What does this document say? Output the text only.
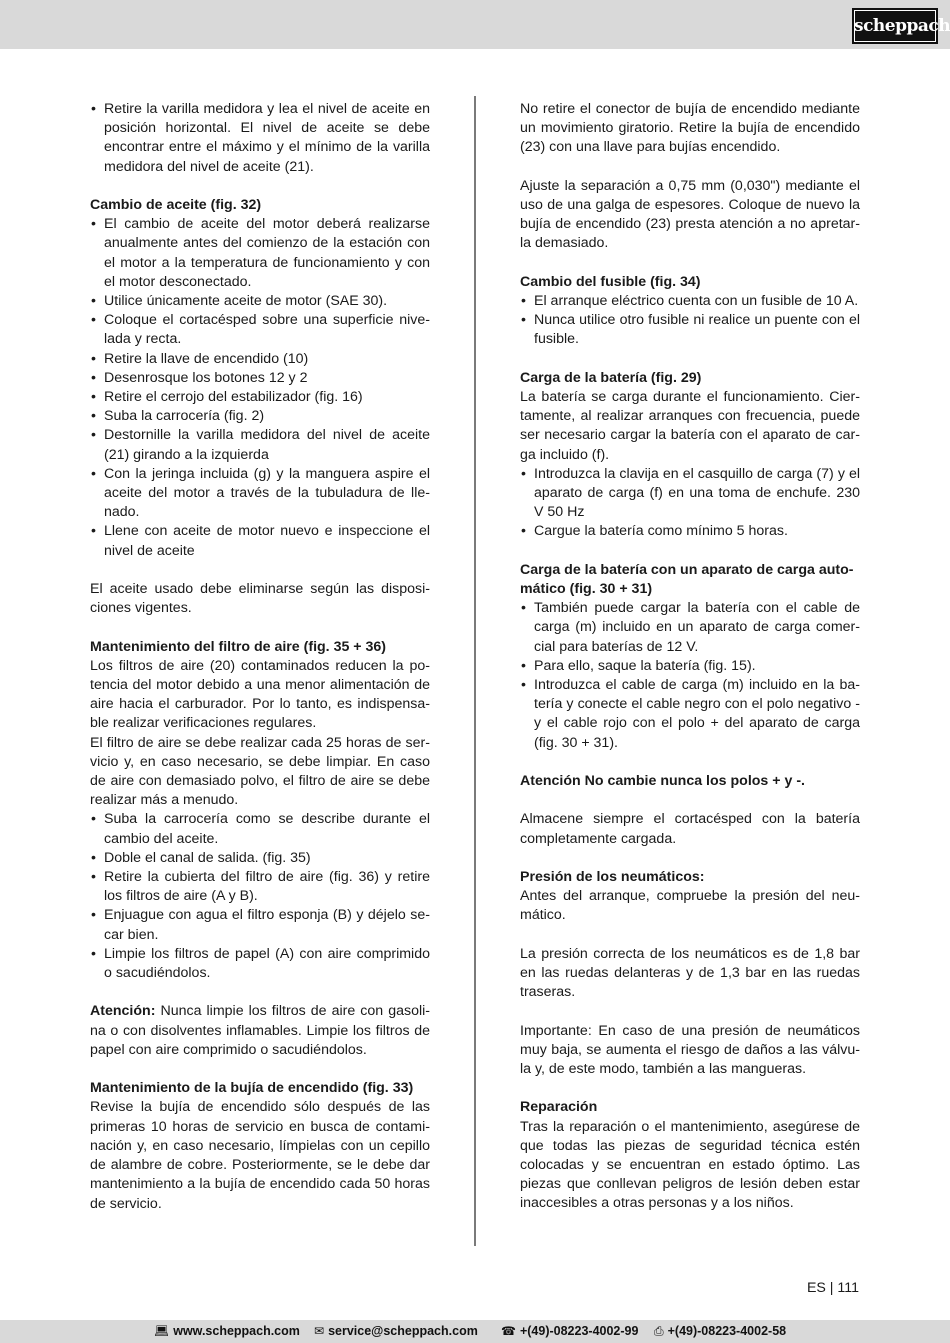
scheppach
• Retire la varilla medidora y lea el nivel de aceite en posición horizontal. El nivel de aceite se debe encontrar entre el máximo y el mínimo de la varilla medidora del nivel de aceite (21).
Cambio de aceite (fig. 32)
• El cambio de aceite del motor deberá realizarse anualmente antes del comienzo de la estación con el motor a la temperatura de funcionamiento y con el motor desconectado.
• Utilice únicamente aceite de motor (SAE 30).
• Coloque el cortacésped sobre una superficie nivelada y recta.
• Retire la llave de encendido (10)
• Desenrosque los botones 12 y 2
• Retire el cerrojo del estabilizador (fig. 16)
• Suba la carrocería (fig. 2)
• Destornille la varilla medidora del nivel de aceite (21) girando a la izquierda
• Con la jeringa incluida (g) y la manguera aspire el aceite del motor a través de la tubuladura de llenado.
• Llene con aceite de motor nuevo e inspeccione el nivel de aceite

El aceite usado debe eliminarse según las disposiciones vigentes.

Mantenimiento del filtro de aire (fig. 35 + 36)

Los filtros de aire (20) contaminados reducen la potencia del motor debido a una menor alimentación de aire hacia el carburador. Por lo tanto, es indispensable realizar verificaciones regulares.

El filtro de aire se debe realizar cada 25 horas de servicio y, en caso necesario, se debe limpiar. En caso de aire con demasiado polvo, el filtro de aire se debe realizar más a menudo.

• Suba la carrocería como se describe durante el cambio del aceite.
• Doble el canal de salida. (fig. 35)
• Retire la cubierta del filtro de aire (fig. 36) y retire los filtros de aire (A y B).
• Enjuague con agua el filtro esponja (B) y déjelo secar bien.
• Limpie los filtros de papel (A) con aire comprimido o sacudiéndolos.

Atención: Nunca limpie los filtros de aire con gasolina o con disolventes inflamables. Limpie los filtros de papel con aire comprimido o sacudiéndolos.

Mantenimiento de la bujía de encendido (fig. 33)

Revise la bujía de encendido sólo después de las primeras 10 horas de servicio en busca de contaminación y, en caso necesario, límpielas con un cepillo de alambre de cobre. Posteriormente, se le debe dar mantenimiento a la bujía de encendido cada 50 horas de servicio.

No retire el conector de bujía de encendido mediante un movimiento giratorio. Retire la bujía de encendido (23) con una llave para bujías encendido.

Ajuste la separación a 0,75 mm (0,030") mediante el uso de una galga de espesores. Coloque de nuevo la bujía de encendido (23) presta atención a no apretarla demasiado.

Cambio del fusible (fig. 34)
• El arranque eléctrico cuenta con un fusible de 10 A.
• Nunca utilice otro fusible ni realice un puente con el fusible.
Carga de la batería (fig. 29)

La batería se carga durante el funcionamiento. Ciertamente, al realizar arranques con frecuencia, puede ser necesario cargar la batería con el aparato de carga incluido (f).

• Introduzca la clavija en el casquillo de carga (7) y el aparato de carga (f) en una toma de enchufe. 230 V 50 Hz
• Cargue la batería como mínimo 5 horas.
Carga de la batería con un aparato de carga automático (fig. 30 + 31)
• También puede cargar la batería con el cable de carga (m) incluido en un aparato de carga comercial para baterías de 12 V.
• Para ello, saque la batería (fig. 15).
• Introduzca el cable de carga (m) incluido en la batería y conecte el cable negro con el polo negativo - y el cable rojo con el polo + del aparato de carga (fig. 30 + 31).
Atención No cambie nunca los polos + y -.

Almacene siempre el cortacésped con la batería completamente cargada.

Presión de los neumáticos:

Antes del arranque, compruebe la presión del neumático.

La presión correcta de los neumáticos es de 1,8 bar en las ruedas delanteras y de 1,3 bar en las ruedas traseras.

Importante: En caso de una presión de neumáticos muy baja, se aumenta el riesgo de daños a las válvula y, de este modo, también a las mangueras.

Reparación

Tras la reparación o el mantenimiento, asegúrese de que todas las piezas de seguridad técnica estén colocadas y se encuentran en estado óptimo. Las piezas que conllevan peligros de lesión deben estar inaccesibles a otras personas y a los niños.

ES | 111
💻︎ www.scheppach.com ✉ service@scheppach.com ☎ +(49)-08223-4002-99 ⎙ +(49)-08223-4002-58
